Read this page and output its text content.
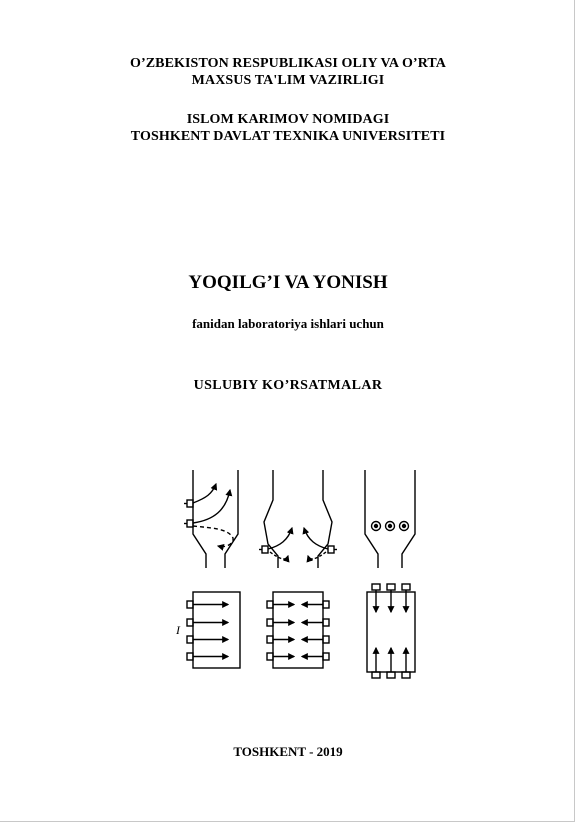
O’ZBEKISTON RESPUBLIKASI OLIY VA O’RTA
MAXSUS TA'LIM VAZIRLIGI
ISLOM KARIMOV NOMIDAGI
TOSHKENT DAVLAT TEXNIKA UNIVERSITETI
YOQILG’I VA YONISH
fanidan laboratoriya ishlari uchun
USLUBIY KO’RSATMALAR
I
TOSHKENT - 2019
